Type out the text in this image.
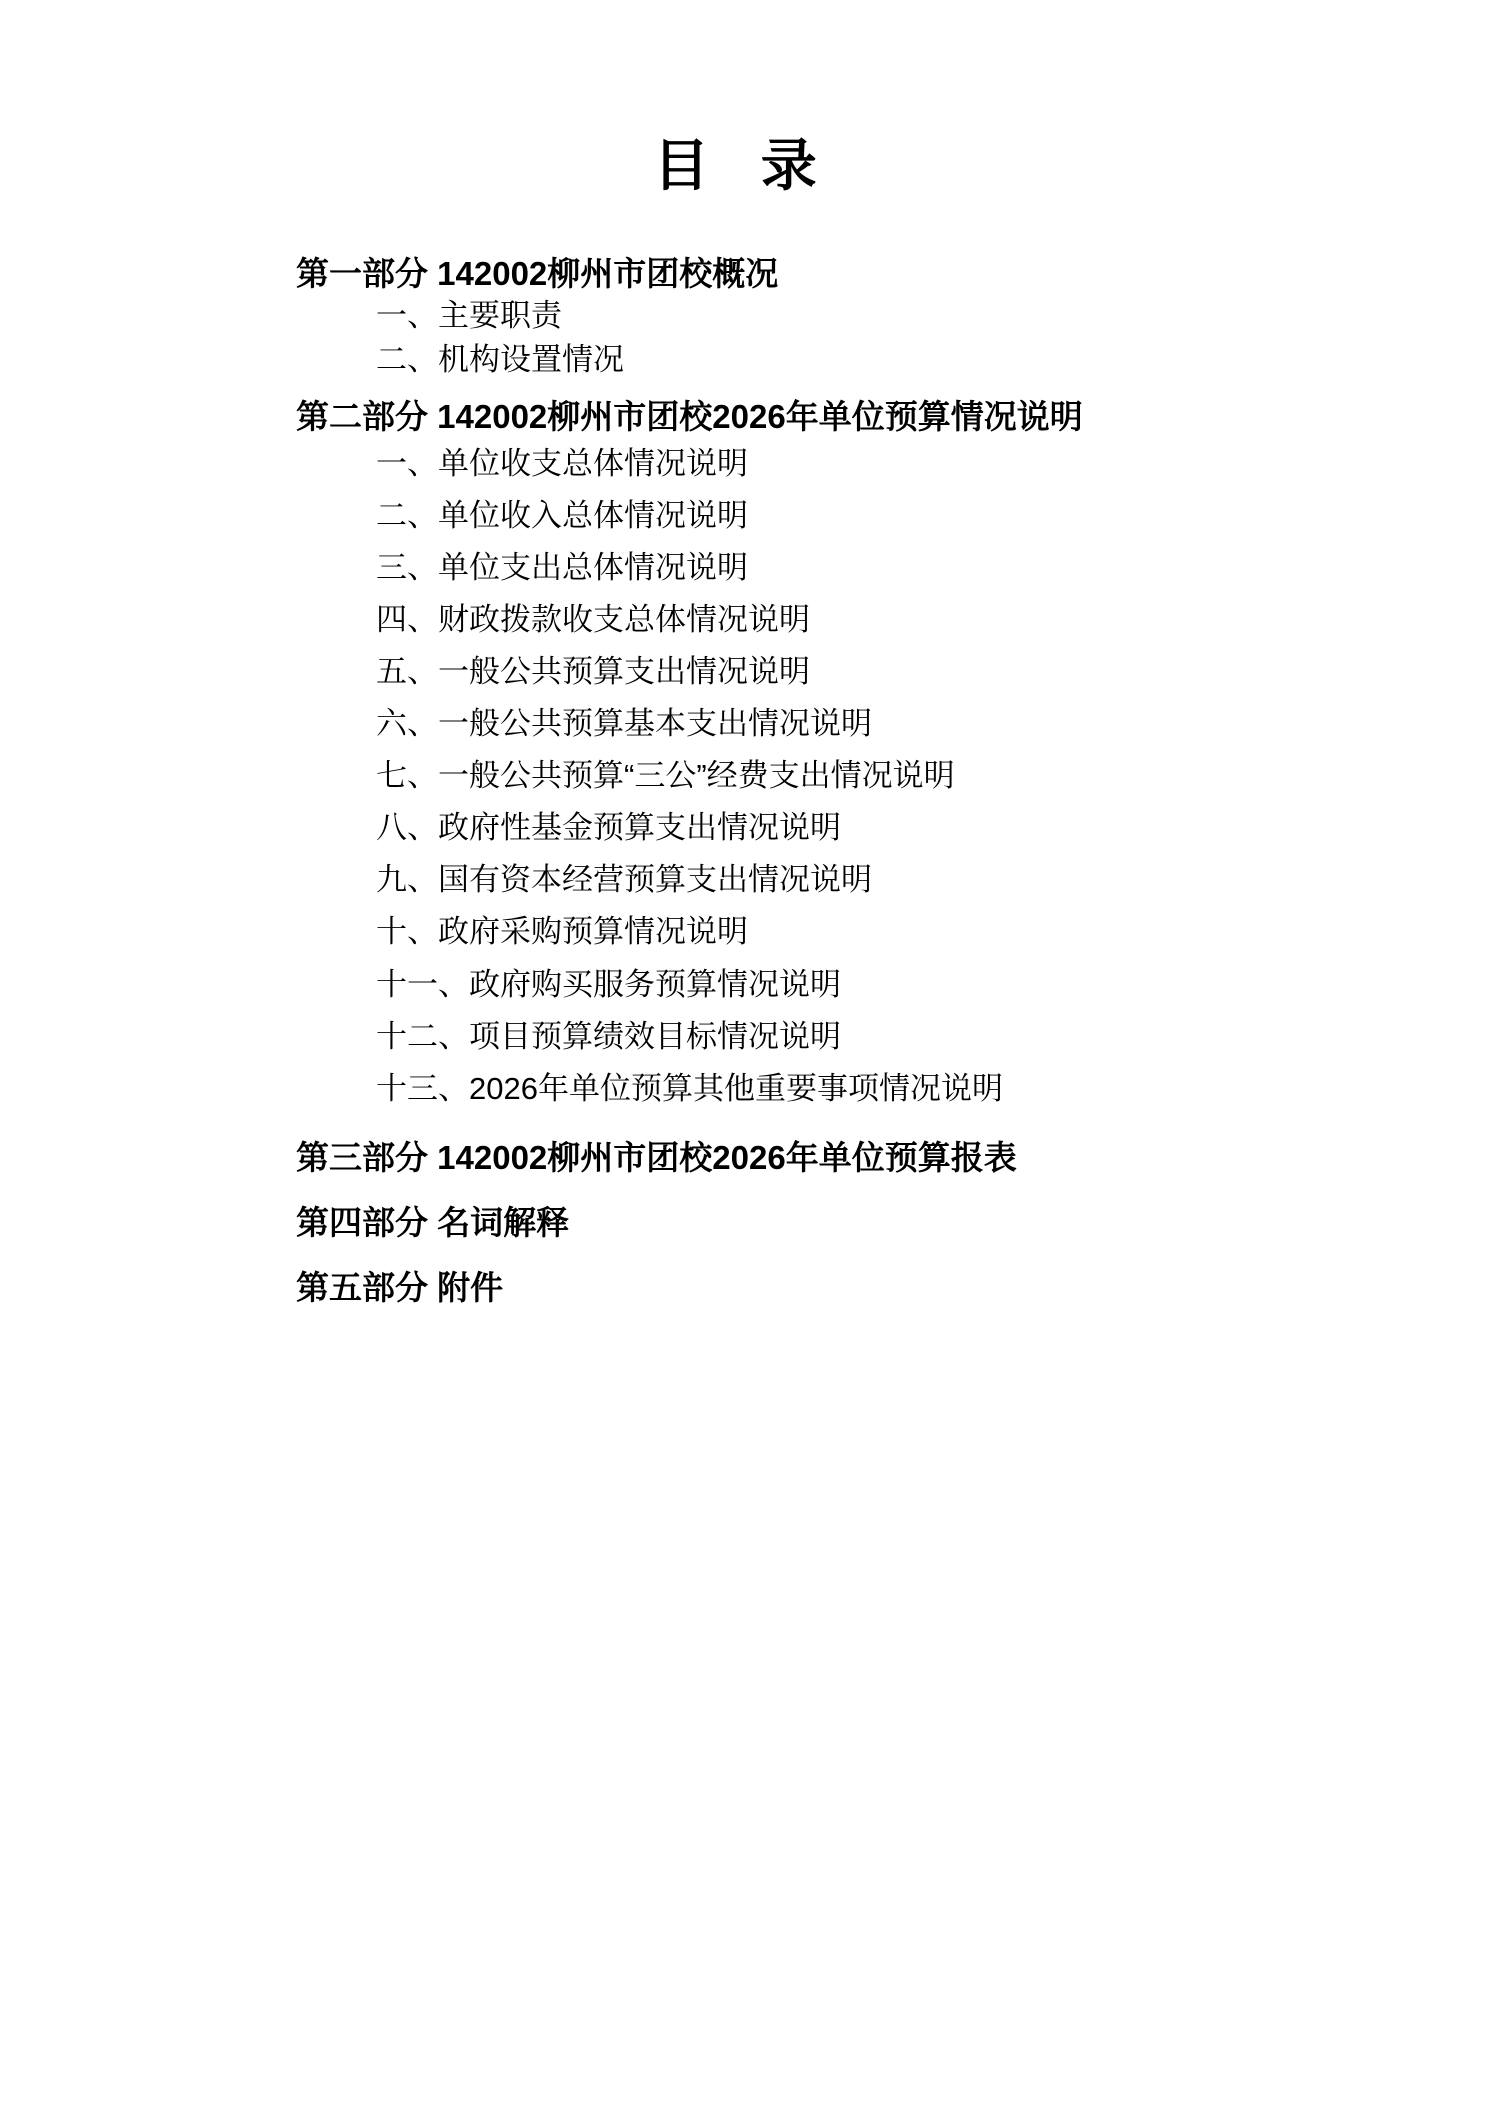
目 录
第一部分 142002柳州市团校概况
一、主要职责
二、机构设置情况
第二部分 142002柳州市团校2026年单位预算情况说明
一、单位收支总体情况说明
二、单位收入总体情况说明
三、单位支出总体情况说明
四、财政拨款收支总体情况说明
五、一般公共预算支出情况说明
六、一般公共预算基本支出情况说明
七、一般公共预算“三公”经费支出情况说明
八、政府性基金预算支出情况说明
九、国有资本经营预算支出情况说明
十、政府采购预算情况说明
十一、政府购买服务预算情况说明
十二、项目预算绩效目标情况说明
十三、2026年单位预算其他重要事项情况说明
第三部分 142002柳州市团校2026年单位预算报表
第四部分 名词解释
第五部分 附件
